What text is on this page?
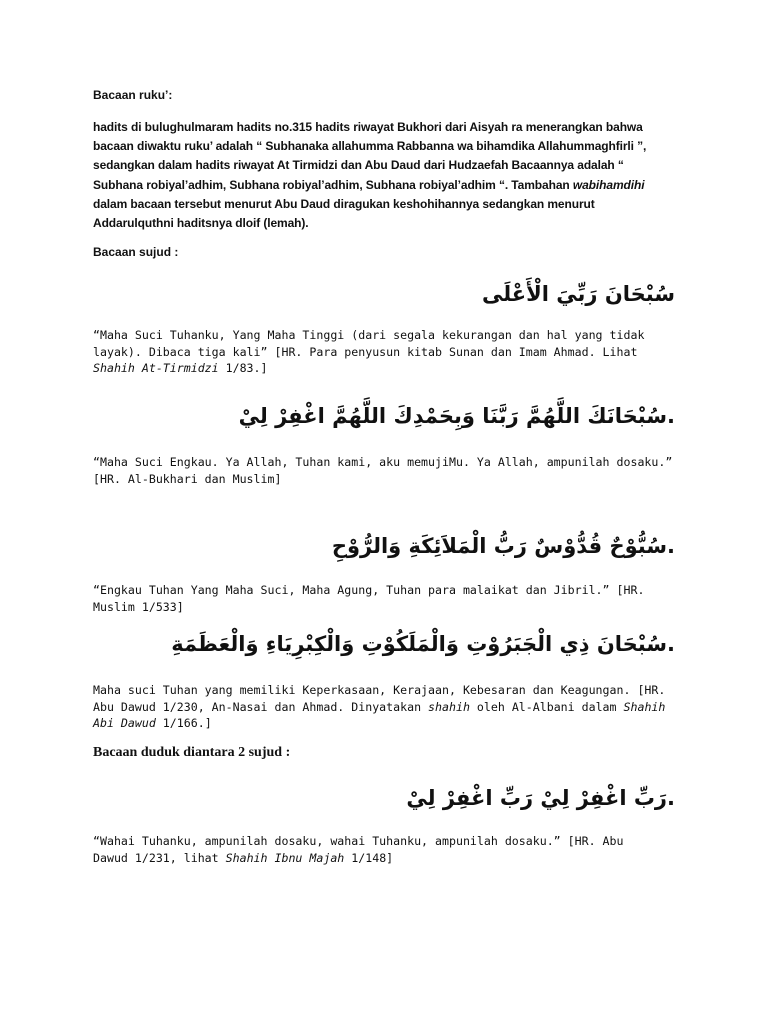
Bacaan ruku’:

hadits di bulughulmaram hadits no.315 hadits riwayat Bukhori dari Aisyah ra menerangkan bahwa
bacaan diwaktu ruku’ adalah “ Subhanaka allahumma Rabbanna wa bihamdika Allahummaghfirli ”,
sedangkan dalam hadits riwayat At Tirmidzi dan Abu Daud dari Hudzaefah Bacaannya adalah “
Subhana robiyal’adhim, Subhana robiyal’adhim, Subhana robiyal’adhim “. Tambahan wabihamdihi
dalam bacaan tersebut menurut Abu Daud diragukan keshohihannya sedangkan menurut
Addarulquthni haditsnya dloif (lemah).

Bacaan sujud :

سُبْحَانَ رَبِّيَ الْأَعْلَى

“Maha Suci Tuhanku, Yang Maha Tinggi (dari segala kekurangan dan hal yang tidak
layak). Dibaca tiga kali” [HR. Para penyusun kitab Sunan dan Imam Ahmad. Lihat
Shahih At-Tirmidzi 1/83.]

.سُبْحَانَكَ اللَّهُمَّ رَبَّنَا وَبِحَمْدِكَ اللَّهُمَّ اغْفِرْ لِيْ

“Maha Suci Engkau. Ya Allah, Tuhan kami, aku memujiMu. Ya Allah, ampunilah dosaku.”
[HR. Al-Bukhari dan Muslim]

.سُبُّوْحٌ قُدُّوْسٌ رَبُّ الْمَلاَئِكَةِ وَالرُّوْحِ

“Engkau Tuhan Yang Maha Suci, Maha Agung, Tuhan para malaikat dan Jibril.” [HR.
Muslim 1/533]

.سُبْحَانَ ذِي الْجَبَرُوْتِ وَالْمَلَكُوْتِ وَالْكِبْرِيَاءِ وَالْعَظَمَةِ

Maha suci Tuhan yang memiliki Keperkasaan, Kerajaan, Kebesaran dan Keagungan. [HR.
Abu Dawud 1/230, An-Nasai dan Ahmad. Dinyatakan shahih oleh Al-Albani dalam Shahih
Abi Dawud 1/166.]

Bacaan duduk diantara 2 sujud :

.رَبِّ اغْفِرْ لِيْ رَبِّ اغْفِرْ لِيْ

“Wahai Tuhanku, ampunilah dosaku, wahai Tuhanku, ampunilah dosaku.” [HR. Abu
Dawud 1/231, lihat Shahih Ibnu Majah 1/148]
